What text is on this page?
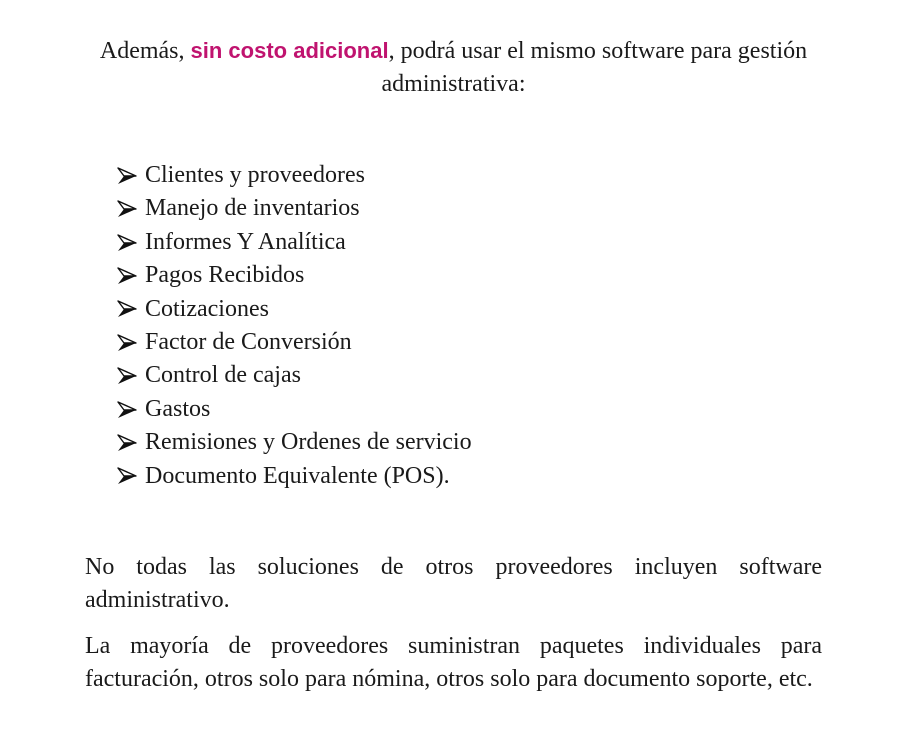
Además, sin costo adicional, podrá usar el mismo software para gestión administrativa:

Clientes y proveedores
Manejo de inventarios
Informes Y Analítica
Pagos Recibidos
Cotizaciones
Factor de Conversión
Control de cajas
Gastos
Remisiones y Ordenes de servicio
Documento Equivalente (POS).

No todas las soluciones de otros proveedores incluyen software administrativo.

La mayoría de proveedores suministran paquetes individuales para facturación, otros solo para nómina, otros solo para documento soporte, etc.
